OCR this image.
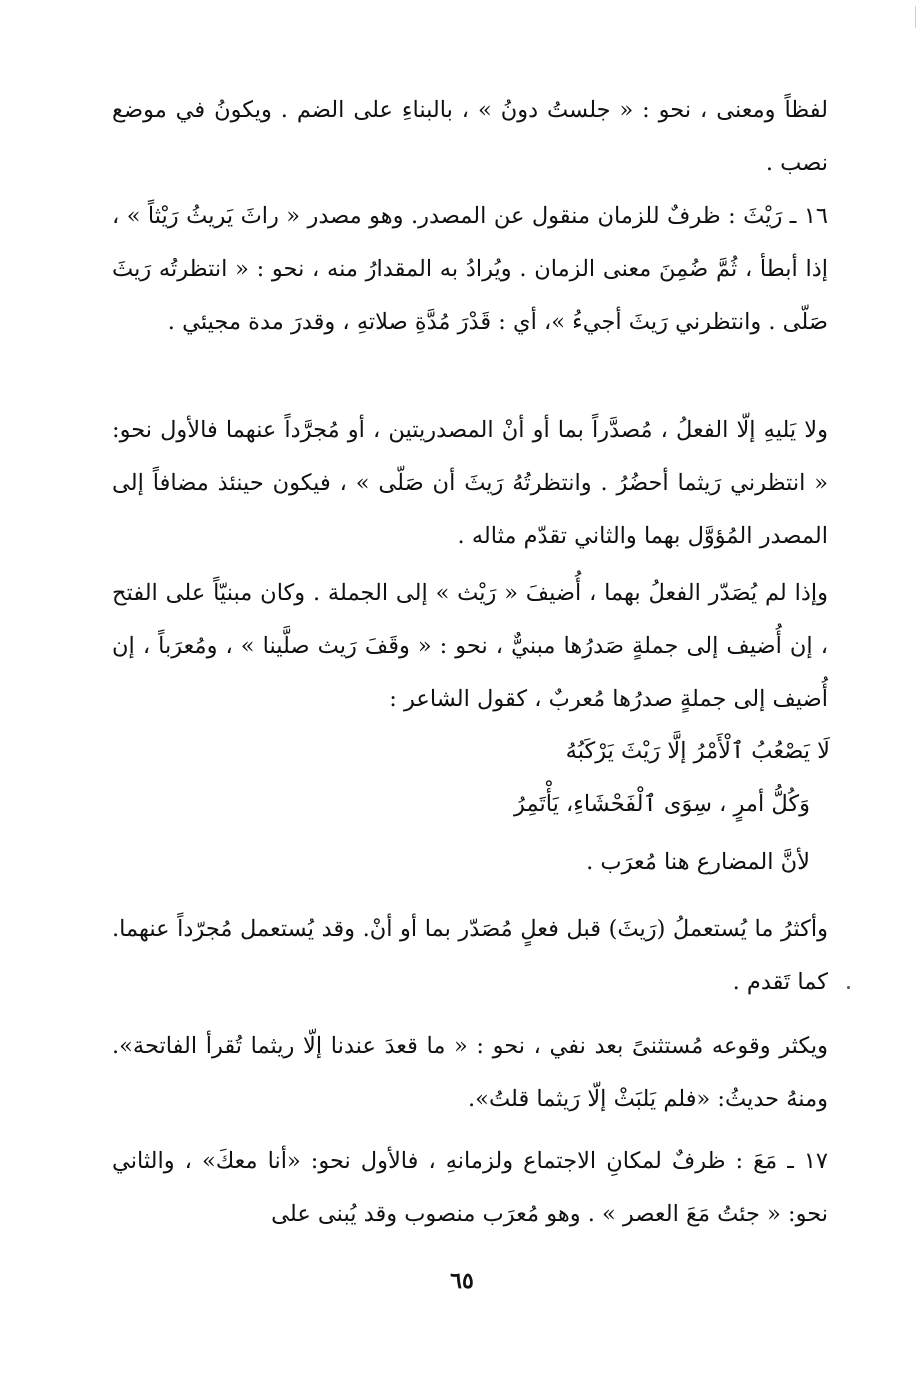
لفظاً ومعنى ، نحو : « جلستُ دونُ » ، بالبناءِ على الضم . ويكونُ في موضع نصب .

١٦ ـ رَيْثَ : ظرفٌ للزمان منقول عن المصدر. وهو مصدر « راثَ يَريثُ رَيْثاً » ، إذا أبطأ ، ثُمَّ ضُمِنَ معنى الزمان . ويُرادُ به المقدارُ منه ، نحو : « انتظرتُه رَيثَ صَلّى . وانتظرني رَيثَ أجيءُ »، أي : قَدْرَ مُدَّةِ صلاتهِ ، وقدرَ مدة مجيئي .

ولا يَليهِ إلّا الفعلُ ، مُصدَّراً بما أو أنْ المصدريتين ، أو مُجرَّداً عنهما فالأول نحو: « انتظرني رَيثما أحضُرُ . وانتظرتُهُ رَيثَ أن صَلّى » ، فيكون حينئذ مضافاً إلى المصدر المُؤوَّل بهما والثاني تقدّم مثاله .

وإذا لم يُصَدّر الفعلُ بهما ، أُضيفَ « رَيْث » إلى الجملة . وكان مبنيّاً على الفتح ، إن أُضيف إلى جملةٍ صَدرُها مبنيٌّ ، نحو : « وقَفَ رَيث صلَّينا » ، ومُعرَباً ، إن أُضيف إلى جملةٍ صدرُها مُعربٌ ، كقول الشاعر :

لَا يَصْعُبُ ٱلْأَمْرُ إلَّا رَيْثَ يَرْكَبُهُ
وَكُلُّ أمرٍ ، سِوَى ٱلْفَحْشَاءِ، يَأْتَمِرُ
لأنَّ المضارع هنا مُعرَب .

وأكثرُ ما يُستعملُ (رَيثَ) قبل فعلٍ مُصَدّر بما أو أنْ. وقد يُستعمل مُجرّداً عنهما. كما تَقدم .

ويكثر وقوعه مُستثنىً بعد نفي ، نحو : « ما قعدَ عندنا إلّا ريثما تُقرأ الفاتحة». ومنهُ حديثُ: «فلم يَلبَثْ إلّا رَيثما قلتُ».

١٧ ـ مَعَ : ظرفٌ لمكانِ الاجتماع ولزمانهِ ، فالأول نحو: «أنا معكَ» ، والثاني نحو: « جئتُ مَعَ العصر » . وهو مُعرَب منصوب وقد يُبنى على

٦٥
